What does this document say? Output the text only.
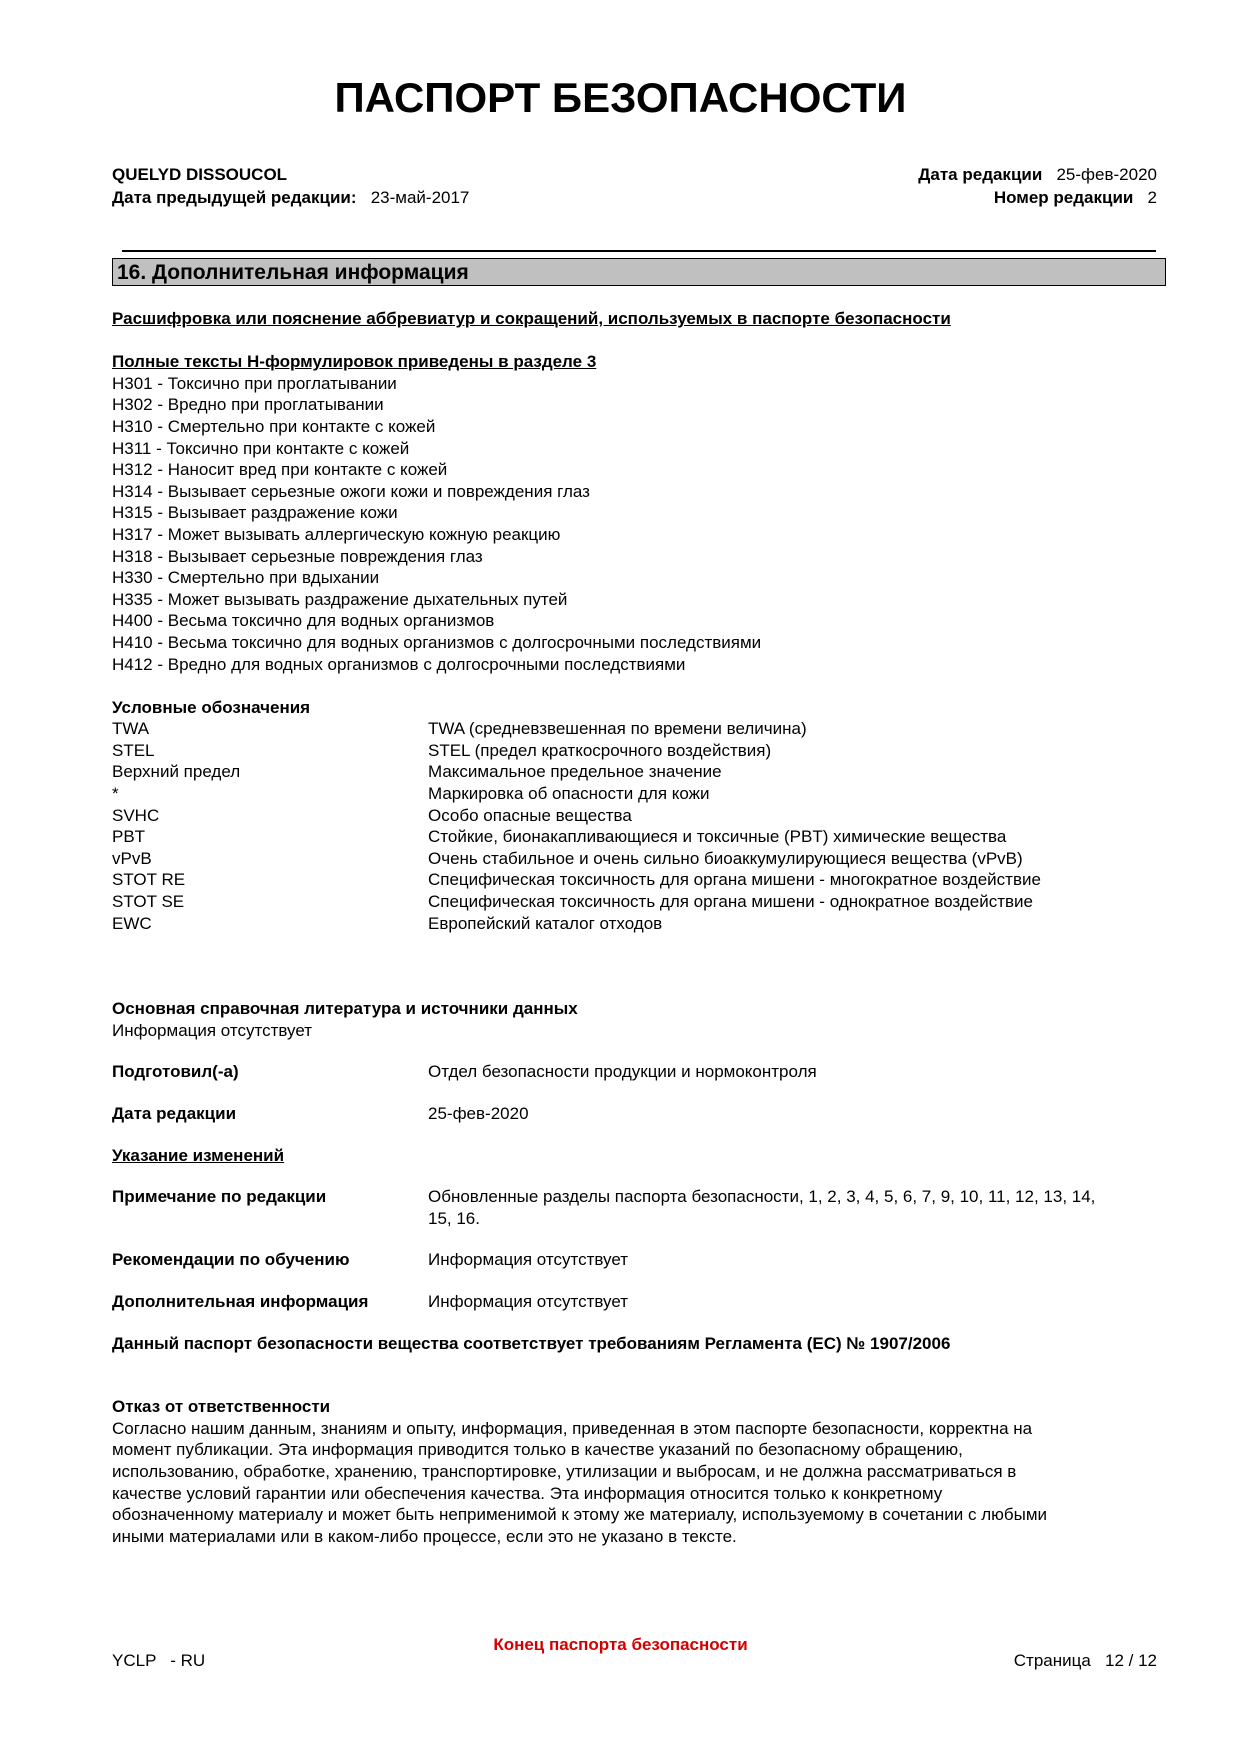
ПАСПОРТ БЕЗОПАСНОСТИ
QUELYD DISSOUCOL
Дата предыдущей редакции: 23-май-2017
Дата редакции 25-фев-2020
Номер редакции 2
16. Дополнительная информация
Расшифровка или пояснение аббревиатур и сокращений, используемых в паспорте безопасности
Полные тексты Н-формулировок приведены в разделе 3
H301 - Токсично при проглатывании
H302 - Вредно при проглатывании
H310 - Смертельно при контакте с кожей
H311 - Токсично при контакте с кожей
H312 - Наносит вред при контакте с кожей
H314 - Вызывает серьезные ожоги кожи и повреждения глаз
H315 - Вызывает раздражение кожи
H317 - Может вызывать аллергическую кожную реакцию
H318 - Вызывает серьезные повреждения глаз
H330 - Смертельно при вдыхании
H335 - Может вызывать раздражение дыхательных путей
H400 - Весьма токсично для водных организмов
H410 - Весьма токсично для водных организмов с долгосрочными последствиями
H412 - Вредно для водных организмов с долгосрочными последствиями
Условные обозначения
TWA	TWA (средневзвешенная по времени величина)
STEL	STEL (предел краткосрочного воздействия)
Верхний предел	Максимальное предельное значение
*	Маркировка об опасности для кожи
SVHC	Особо опасные вещества
PBT	Стойкие, бионакапливающиеся и токсичные (PBT) химические вещества
vPvB	Очень стабильное и очень сильно биоаккумулирующиеся вещества (vPvB)
STOT RE	Специфическая токсичность для органа мишени - многократное воздействие
STOT SE	Специфическая токсичность для органа мишени - однократное воздействие
EWC	Европейский каталог отходов
Основная справочная литература и источники данных
Информация отсутствует
Подготовил(-а)	Отдел безопасности продукции и нормоконтроля
Дата редакции	25-фев-2020
Указание изменений
Примечание по редакции	Обновленные разделы паспорта безопасности, 1, 2, 3, 4, 5, 6, 7, 9, 10, 11, 12, 13, 14,
15, 16.
Рекомендации по обучению	Информация отсутствует
Дополнительная информация	Информация отсутствует
Данный паспорт безопасности вещества соответствует требованиям Регламента (ЕС) № 1907/2006
Отказ от ответственности
Согласно нашим данным, знаниям и опыту, информация, приведенная в этом паспорте безопасности, корректна на
момент публикации. Эта информация приводится только в качестве указаний по безопасному обращению,
использованию, обработке, хранению, транспортировке, утилизации и выбросам, и не должна рассматриваться в
качестве условий гарантии или обеспечения качества. Эта информация относится только к конкретному
обозначенному материалу и может быть неприменимой к этому же материалу, используемому в сочетании с любыми
иными материалами или в каком-либо процессе, если это не указано в тексте.
Конец паспорта безопасности
YCLP   - RU	Страница 12 / 12
